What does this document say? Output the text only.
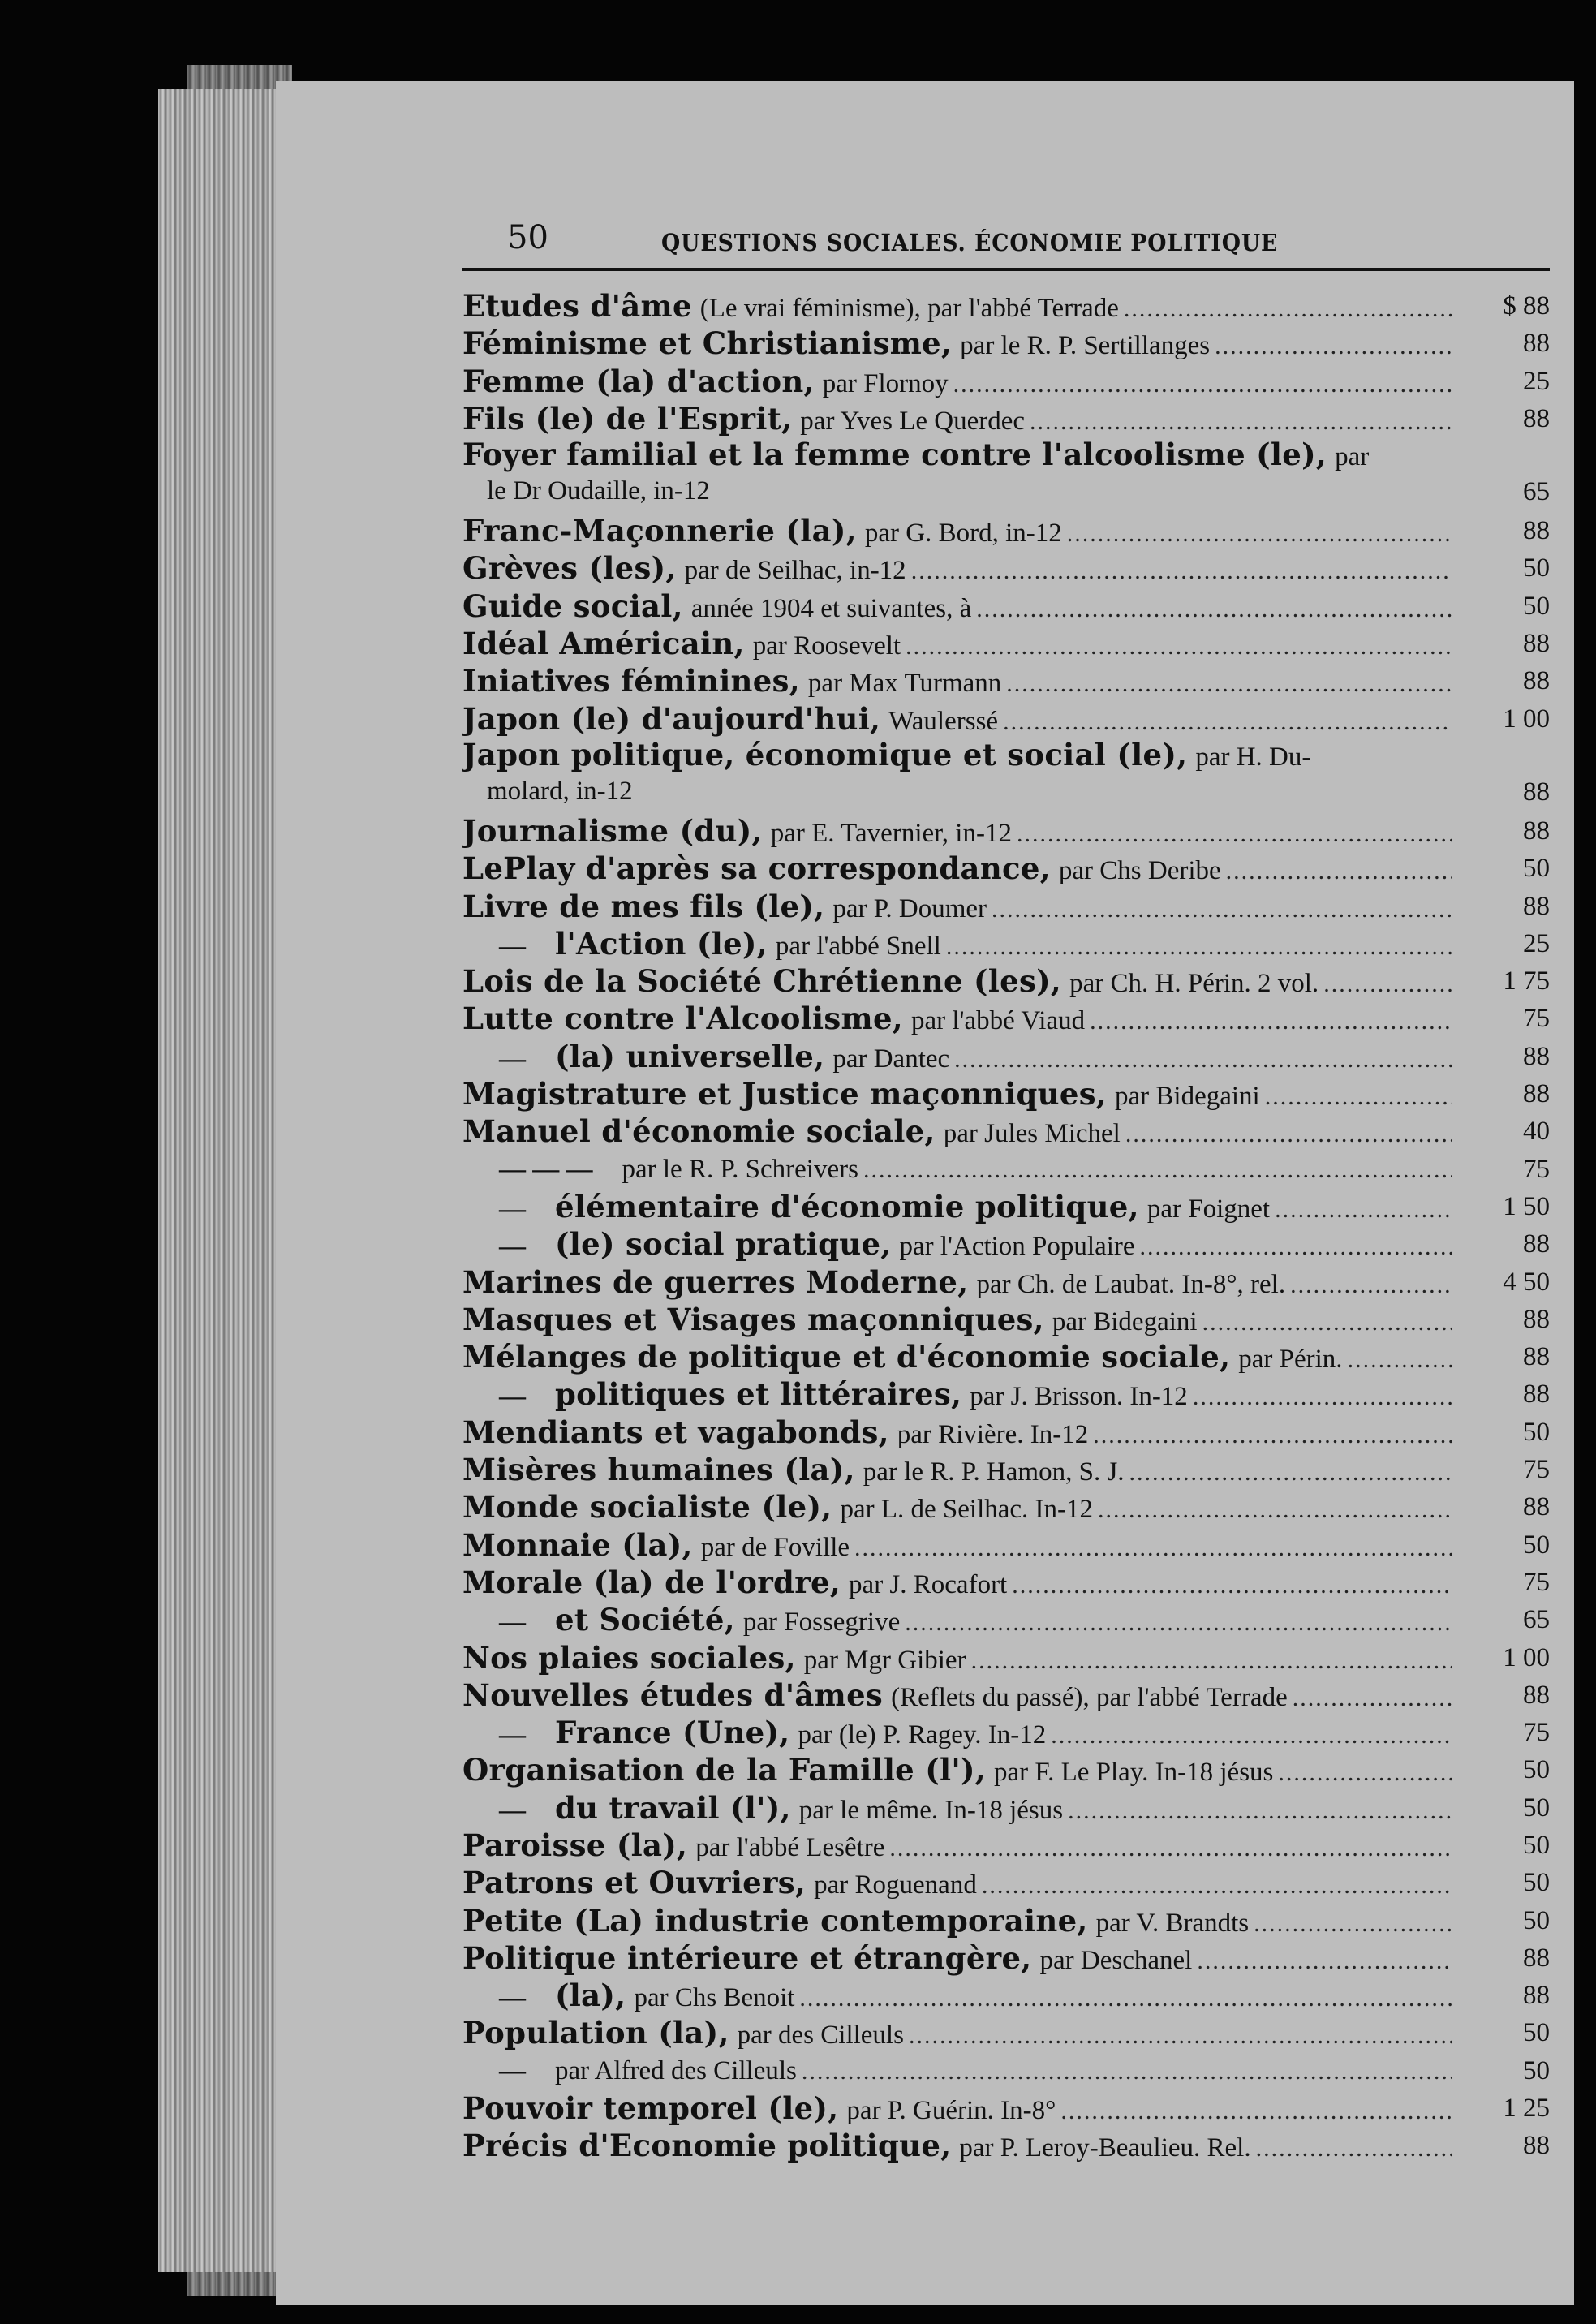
50	QUESTIONS SOCIALES. ÉCONOMIE POLITIQUE
Etudes d'âme (Le vrai féminisme), par l'abbé Terrade .....	$ 88
Féminisme et Christianisme, par le R. P. Sertillanges .....	88
Femme (la) d'action, par Flornoy .....	25
Fils (le) de l'Esprit, par Yves Le Querdec .....	88
Foyer familial et la femme contre l'alcoolisme (le), par
le Dr Oudaille, in-12	65
Franc-Maçonnerie (la), par G. Bord, in-12 .....	88
Grèves (les), par de Seilhac, in-12 .....	50
Guide social, année 1904 et suivantes, à .....	50
Idéal Américain, par Roosevelt .....	88
Iniatives féminines, par Max Turmann .....	88
Japon (le) d'aujourd'hui, Waulerssé .....	1 00
Japon politique, économique et social (le), par H. Du-
molard, in-12	88
Journalisme (du), par E. Tavernier, in-12 .....	88
LePlay d'après sa correspondance, par Chs Deribe .....	50
Livre de mes fils (le), par P. Doumer .....	88
— l'Action (le), par l'abbé Snell .....	25
Lois de la Société Chrétienne (les), par Ch. H. Périn. 2 vol. .....	1 75
Lutte contre l'Alcoolisme, par l'abbé Viaud .....	75
— (la) universelle, par Dantec .....	88
Magistrature et Justice maçonniques, par Bidegaini .....	88
Manuel d'économie sociale, par Jules Michel .....	40
— — — par le R. P. Schreivers .....	75
— élémentaire d'économie politique, par Foignet .....	1 50
— (le) social pratique, par l'Action Populaire .....	88
Marines de guerres Moderne, par Ch. de Laubat. In-8°, rel. .....	4 50
Masques et Visages maçonniques, par Bidegaini .....	88
Mélanges de politique et d'économie sociale, par Périn. .....	88
— politiques et littéraires, par J. Brisson. In-12 .....	88
Mendiants et vagabonds, par Rivière. In-12 .....	50
Misères humaines (la), par le R. P. Hamon, S. J. .....	75
Monde socialiste (le), par L. de Seilhac. In-12 .....	88
Monnaie (la), par de Foville .....	50
Morale (la) de l'ordre, par J. Rocafort .....	75
— et Société, par Fossegrive .....	65
Nos plaies sociales, par Mgr Gibier .....	1 00
Nouvelles études d'âmes (Reflets du passé), par l'abbé Terrade .....	88
— France (Une), par (le) P. Ragey. In-12 .....	75
Organisation de la Famille (l'), par F. Le Play. In-18 jésus .....	50
— du travail (l'), par le même. In-18 jésus .....	50
Paroisse (la), par l'abbé Lesêtre .....	50
Patrons et Ouvriers, par Roguenand .....	50
Petite (La) industrie contemporaine, par V. Brandts .....	50
Politique intérieure et étrangère, par Deschanel .....	88
— (la), par Chs Benoit .....	88
Population (la), par des Cilleuls .....	50
— par Alfred des Cilleuls .....	50
Pouvoir temporel (le), par P. Guérin. In-8° .....	1 25
Précis d'Economie politique, par P. Leroy-Beaulieu. Rel. .....	88
